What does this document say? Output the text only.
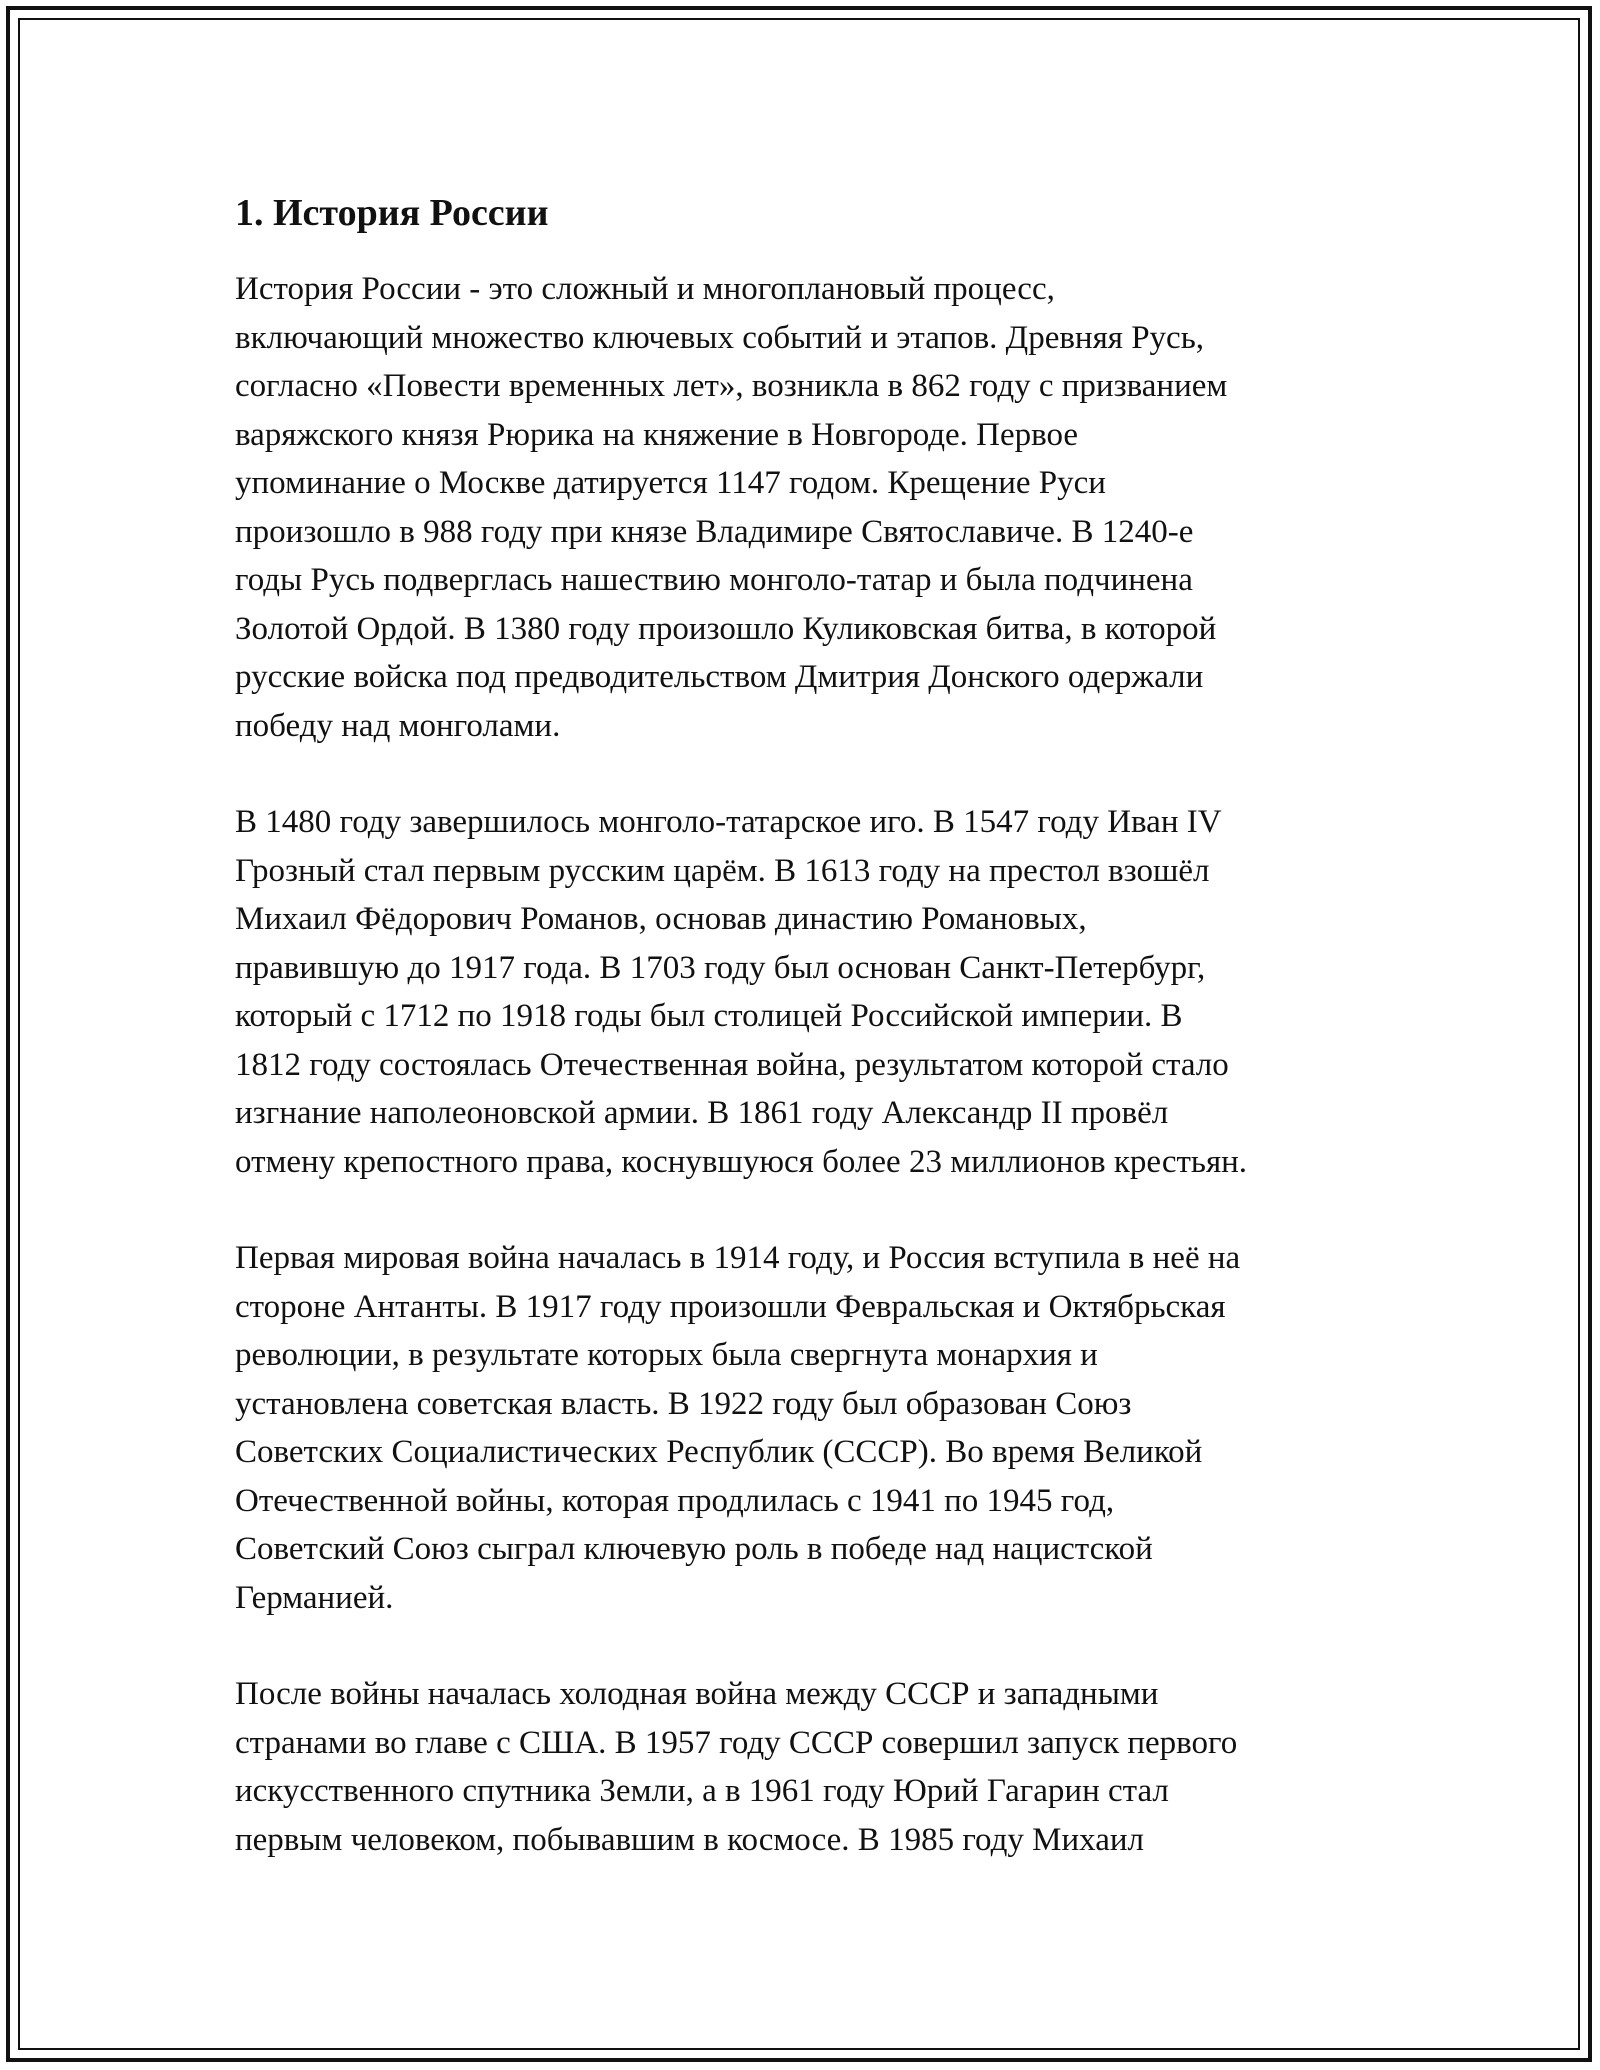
1. История России

История России - это сложный и многоплановый процесс,
включающий множество ключевых событий и этапов. Древняя Русь,
согласно «Повести временных лет», возникла в 862 году с призванием
варяжского князя Рюрика на княжение в Новгороде. Первое
упоминание о Москве датируется 1147 годом. Крещение Руси
произошло в 988 году при князе Владимире Святославиче. В 1240-е
годы Русь подверглась нашествию монголо-татар и была подчинена
Золотой Ордой. В 1380 году произошло Куликовская битва, в которой
русские войска под предводительством Дмитрия Донского одержали
победу над монголами.

В 1480 году завершилось монголо-татарское иго. В 1547 году Иван IV
Грозный стал первым русским царём. В 1613 году на престол взошёл
Михаил Фёдорович Романов, основав династию Романовых,
правившую до 1917 года. В 1703 году был основан Санкт-Петербург,
который с 1712 по 1918 годы был столицей Российской империи. В
1812 году состоялась Отечественная война, результатом которой стало
изгнание наполеоновской армии. В 1861 году Александр II провёл
отмену крепостного права, коснувшуюся более 23 миллионов крестьян.

Первая мировая война началась в 1914 году, и Россия вступила в неё на
стороне Антанты. В 1917 году произошли Февральская и Октябрьская
революции, в результате которых была свергнута монархия и
установлена советская власть. В 1922 году был образован Союз
Советских Социалистических Республик (СССР). Во время Великой
Отечественной войны, которая продлилась с 1941 по 1945 год,
Советский Союз сыграл ключевую роль в победе над нацистской
Германией.

После войны началась холодная война между СССР и западными
странами во главе с США. В 1957 году СССР совершил запуск первого
искусственного спутника Земли, а в 1961 году Юрий Гагарин стал
первым человеком, побывавшим в космосе. В 1985 году Михаил
